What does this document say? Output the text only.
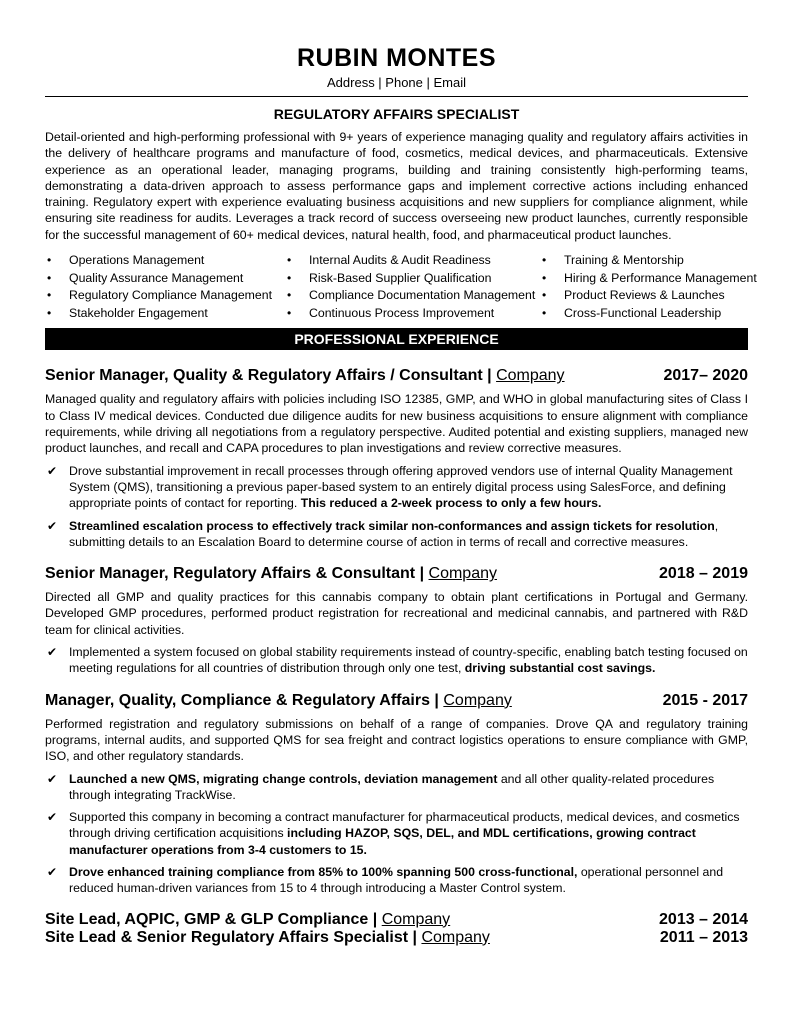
RUBIN MONTES
Address | Phone | Email
REGULATORY AFFAIRS SPECIALIST

Detail-oriented and high-performing professional with 9+ years of experience managing quality and regulatory affairs activities in the delivery of healthcare programs and manufacture of food, cosmetics, medical devices, and pharmaceuticals. Extensive experience as an operational leader, managing programs, building and training consistently high-performing teams, demonstrating a data-driven approach to assess performance gaps and implement corrective actions including enhanced training. Regulatory expert with experience evaluating business acquisitions and new suppliers for compliance alignment, while ensuring site readiness for audits. Leverages a track record of success overseeing new product launches, currently responsible for the successful management of 60+ medical devices, natural health, food, and pharmaceutical product launches.

• Operations Management
• Quality Assurance Management
• Regulatory Compliance Management
• Stakeholder Engagement
• Internal Audits & Audit Readiness
• Risk-Based Supplier Qualification
• Compliance Documentation Management
• Continuous Process Improvement
• Training & Mentorship
• Hiring & Performance Management
• Product Reviews & Launches
• Cross-Functional Leadership
PROFESSIONAL EXPERIENCE
Senior Manager, Quality & Regulatory Affairs / Consultant | Company	2017– 2020

Managed quality and regulatory affairs with policies including ISO 12385, GMP, and WHO in global manufacturing sites of Class I to Class IV medical devices. Conducted due diligence audits for new business acquisitions to ensure alignment with compliance requirements, while driving all negotiations from a regulatory perspective. Audited potential and existing suppliers, managed new product launches, and recall and CAPA procedures to plan investigations and review corrective measures.

✔ Drove substantial improvement in recall processes through offering approved vendors use of internal Quality Management System (QMS), transitioning a previous paper-based system to an entirely digital process using SalesForce, and defining appropriate points of contact for reporting. This reduced a 2-week process to only a few hours.
✔ Streamlined escalation process to effectively track similar non-conformances and assign tickets for resolution, submitting details to an Escalation Board to determine course of action in terms of recall and corrective measures.
Senior Manager, Regulatory Affairs & Consultant | Company	2018 – 2019

Directed all GMP and quality practices for this cannabis company to obtain plant certifications in Portugal and Germany. Developed GMP procedures, performed product registration for recreational and medicinal cannabis, and partnered with R&D team for clinical activities.

✔ Implemented a system focused on global stability requirements instead of country-specific, enabling batch testing focused on meeting regulations for all countries of distribution through only one test, driving substantial cost savings.
Manager, Quality, Compliance & Regulatory Affairs | Company	2015 - 2017

Performed registration and regulatory submissions on behalf of a range of companies. Drove QA and regulatory training programs, internal audits, and supported QMS for sea freight and contract logistics operations to ensure compliance with GMP, ISO, and other regulatory standards.

✔ Launched a new QMS, migrating change controls, deviation management and all other quality-related procedures through integrating TrackWise.
✔ Supported this company in becoming a contract manufacturer for pharmaceutical products, medical devices, and cosmetics through driving certification acquisitions including HAZOP, SQS, DEL, and MDL certifications, growing contract manufacturer operations from 3-4 customers to 15.
✔ Drove enhanced training compliance from 85% to 100% spanning 500 cross-functional, operational personnel and reduced human-driven variances from 15 to 4 through introducing a Master Control system.
Site Lead, AQPIC, GMP & GLP Compliance | Company	2013 – 2014
Site Lead & Senior Regulatory Affairs Specialist | Company	2011 – 2013
